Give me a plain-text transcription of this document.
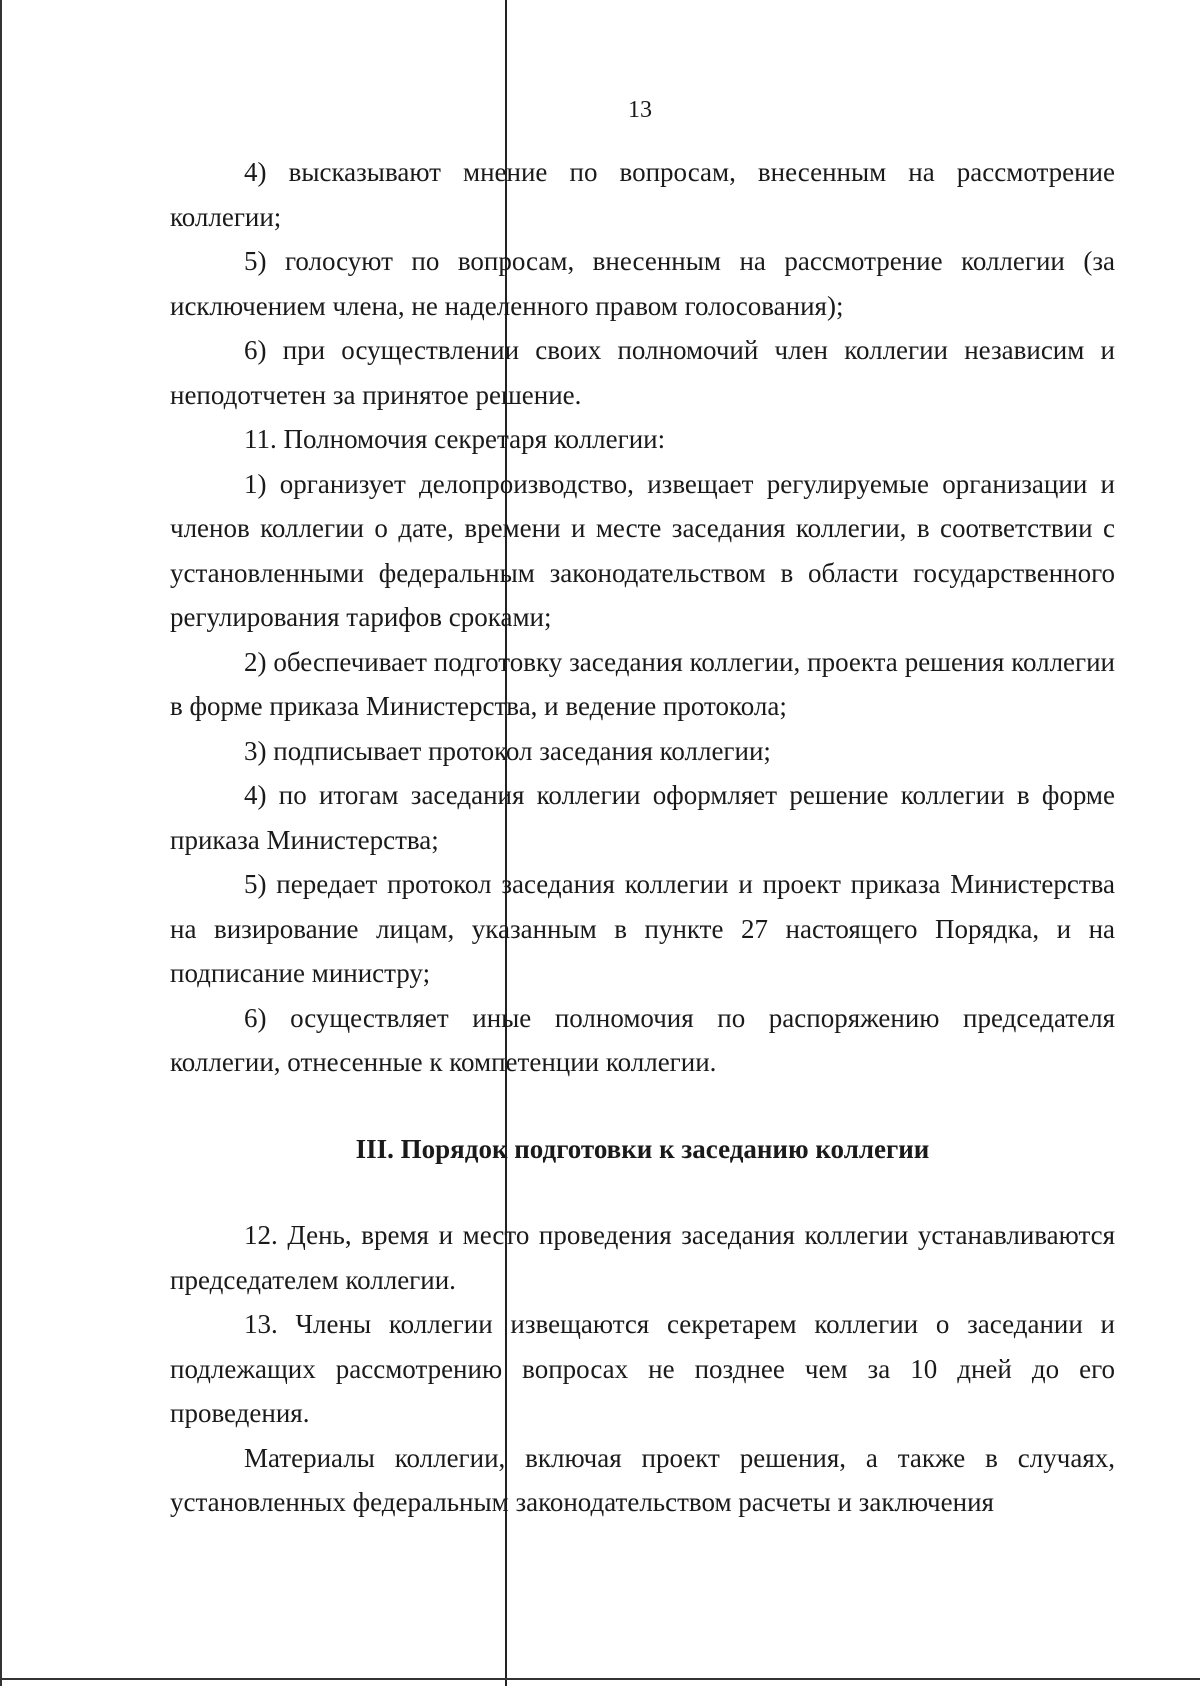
13

4) высказывают мнение по вопросам, внесенным на рассмотрение коллегии;

5) голосуют по вопросам, внесенным на рассмотрение коллегии (за исключением члена, не наделенного правом голосования);

6) при осуществлении своих полномочий член коллегии независим и неподотчетен за принятое решение.

11. Полномочия секретаря коллегии:

1) организует делопроизводство, извещает регулируемые организации и членов коллегии о дате, времени и месте заседания коллегии, в соответствии с установленными федеральным законодательством в области государственного регулирования тарифов сроками;

2) обеспечивает подготовку заседания коллегии, проекта решения коллегии в форме приказа Министерства, и ведение протокола;

3) подписывает протокол заседания коллегии;

4) по итогам заседания коллегии оформляет решение коллегии в форме приказа Министерства;

5) передает протокол заседания коллегии и проект приказа Министерства на визирование лицам, указанным в пункте 27 настоящего Порядка, и на подписание министру;

6) осуществляет иные полномочия по распоряжению председателя коллегии, отнесенные к компетенции коллегии.

III. Порядок подготовки к заседанию коллегии

12. День, время и место проведения заседания коллегии устанавливаются председателем коллегии.

13. Члены коллегии извещаются секретарем коллегии о заседании и подлежащих рассмотрению вопросах не позднее чем за 10 дней до его проведения.

Материалы коллегии, включая проект решения, а также в случаях, установленных федеральным законодательством расчеты и заключения
